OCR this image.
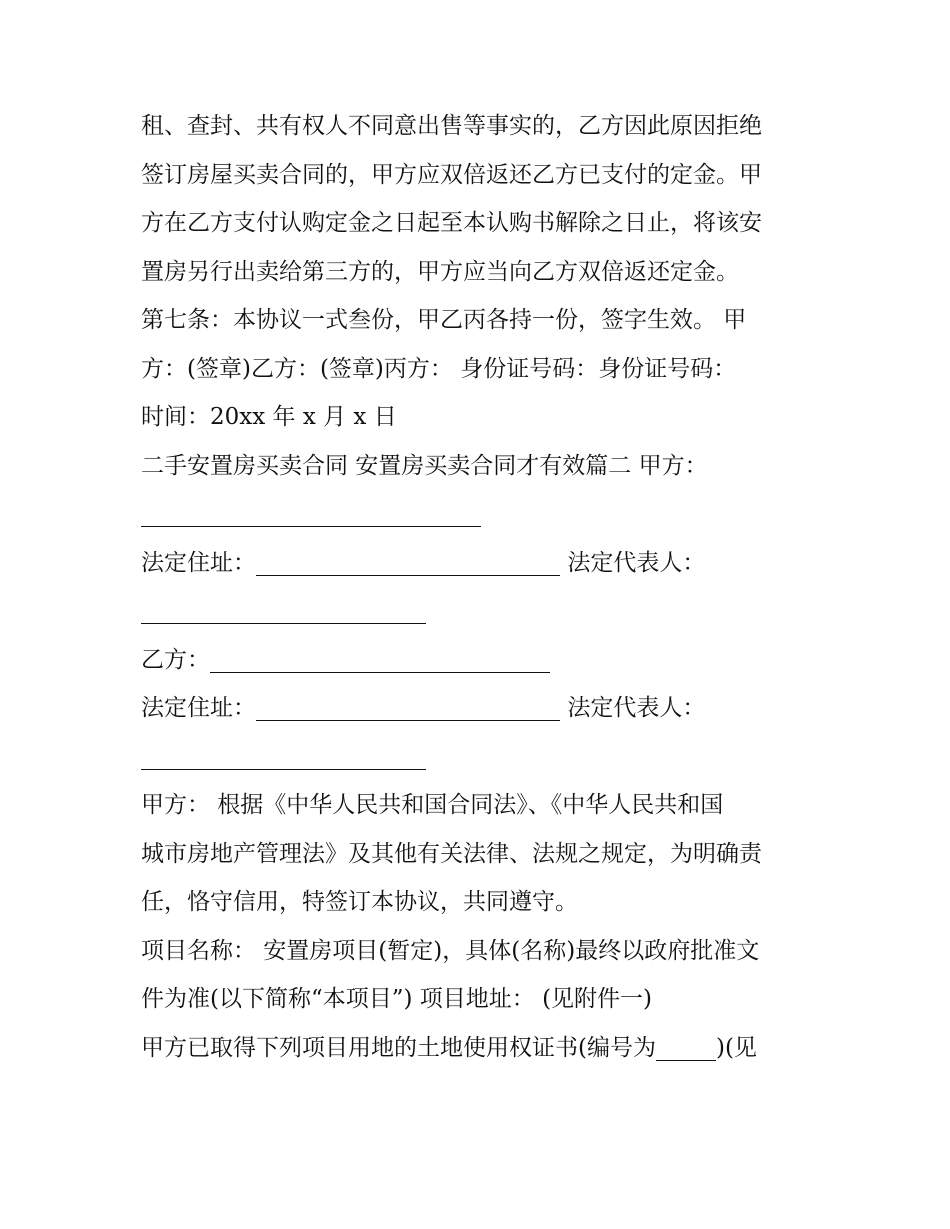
租、查封、共有权人不同意出售等事实的，乙方因此原因拒绝
签订房屋买卖合同的，甲方应双倍返还乙方已支付的定金。甲
方在乙方支付认购定金之日起至本认购书解除之日止，将该安
置房另行出卖给第三方的，甲方应当向乙方双倍返还定金。
第七条：本协议一式叁份，甲乙丙各持一份，签字生效。 甲
方：(签章)乙方：(签章)丙方： 身份证号码：身份证号码：
时间：20xx 年 x 月 x 日
二手安置房买卖合同 安置房买卖合同才有效篇二 甲方：
法定住址：	法定代表人：
乙方：
法定住址：	法定代表人：
甲方： 根据《中华人民共和国合同法》、《中华人民共和国
城市房地产管理法》及其他有关法律、法规之规定，为明确责
任，恪守信用，特签订本协议，共同遵守。
项目名称： 安置房项目(暂定)，具体(名称)最终以政府批准文
件为准(以下简称“本项目”) 项目地址： (见附件一)
甲方已取得下列项目用地的土地使用权证书(编号为	)(见
